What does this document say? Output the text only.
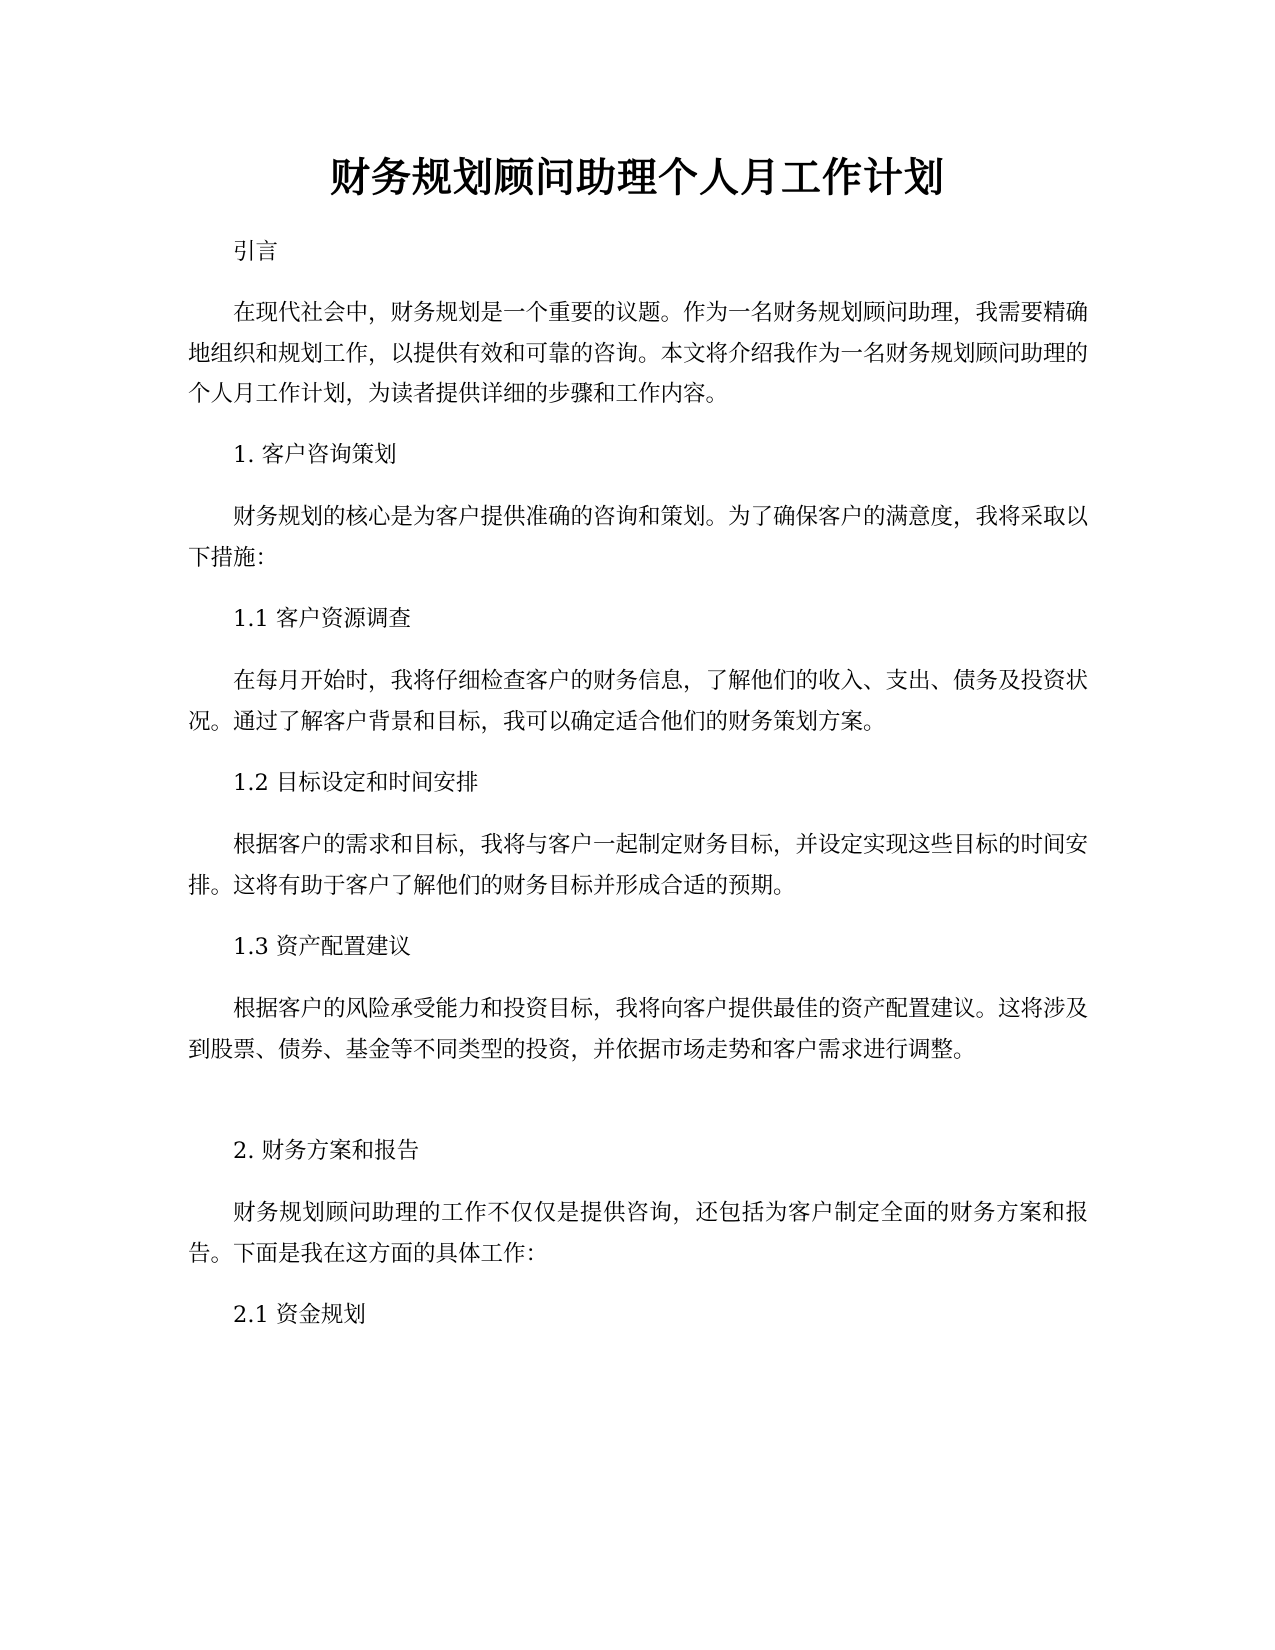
财务规划顾问助理个人月工作计划

引言

在现代社会中，财务规划是一个重要的议题。作为一名财务规划顾问助理，我需要精确地组织和规划工作，以提供有效和可靠的咨询。本文将介绍我作为一名财务规划顾问助理的个人月工作计划，为读者提供详细的步骤和工作内容。

1. 客户咨询策划

财务规划的核心是为客户提供准确的咨询和策划。为了确保客户的满意度，我将采取以下措施：

1.1 客户资源调查

在每月开始时，我将仔细检查客户的财务信息，了解他们的收入、支出、债务及投资状况。通过了解客户背景和目标，我可以确定适合他们的财务策划方案。

1.2 目标设定和时间安排

根据客户的需求和目标，我将与客户一起制定财务目标，并设定实现这些目标的时间安排。这将有助于客户了解他们的财务目标并形成合适的预期。

1.3 资产配置建议

根据客户的风险承受能力和投资目标，我将向客户提供最佳的资产配置建议。这将涉及到股票、债券、基金等不同类型的投资，并依据市场走势和客户需求进行调整。

2. 财务方案和报告

财务规划顾问助理的工作不仅仅是提供咨询，还包括为客户制定全面的财务方案和报告。下面是我在这方面的具体工作：

2.1 资金规划
